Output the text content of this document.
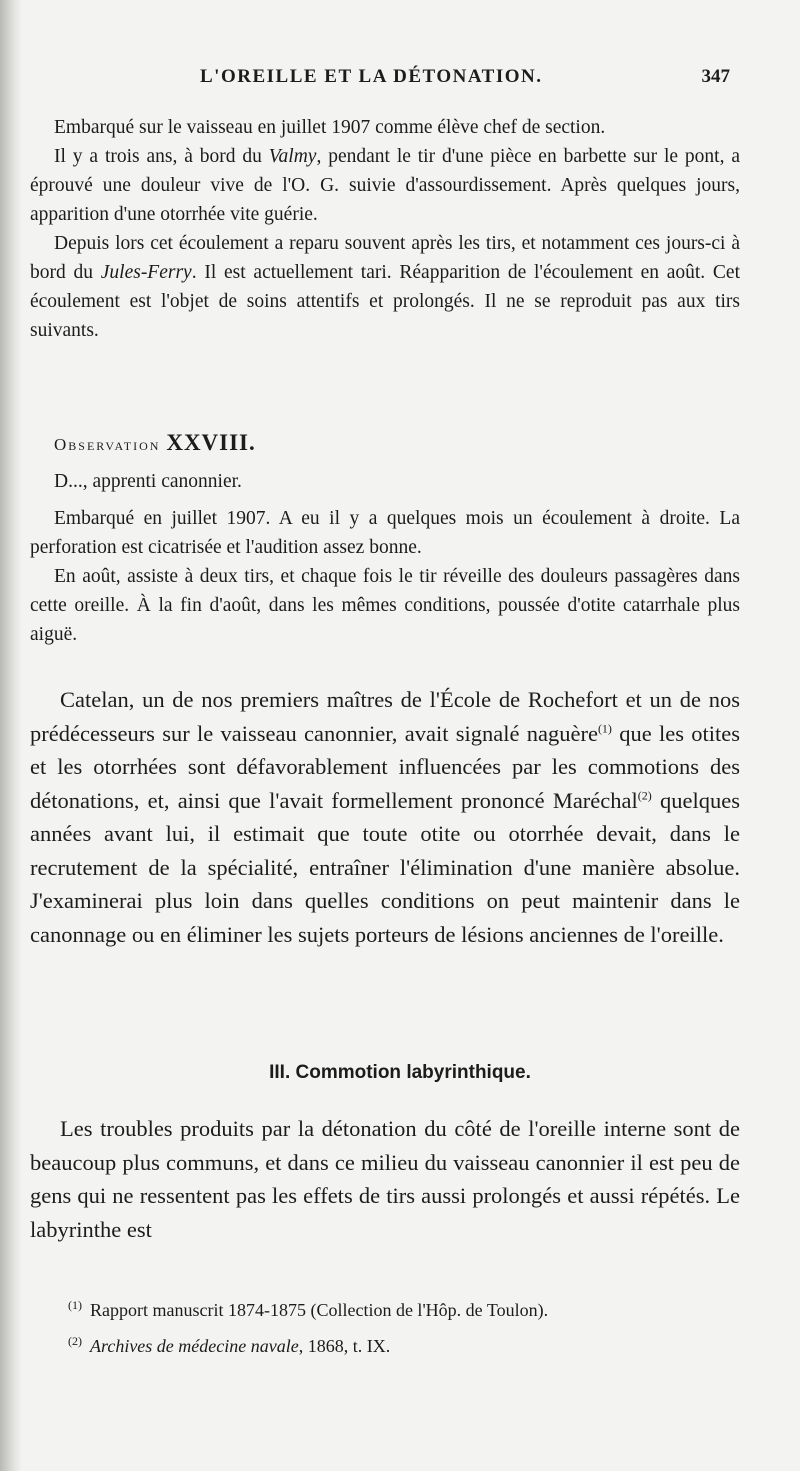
L'OREILLE ET LA DÉTONATION.	347

Embarqué sur le vaisseau en juillet 1907 comme élève chef de section.

Il y a trois ans, à bord du Valmy, pendant le tir d'une pièce en barbette sur le pont, a éprouvé une douleur vive de l'O. G. suivie d'assourdissement. Après quelques jours, apparition d'une otorrhée vite guérie.

Depuis lors cet écoulement a reparu souvent après les tirs, et notamment ces jours-ci à bord du Jules-Ferry. Il est actuellement tari. Réapparition de l'écoulement en août. Cet écoulement est l'objet de soins attentifs et prolongés. Il ne se reproduit pas aux tirs suivants.

Observation XXVIII.

D..., apprenti canonnier.

Embarqué en juillet 1907. A eu il y a quelques mois un écoulement à droite. La perforation est cicatrisée et l'audition assez bonne.

En août, assiste à deux tirs, et chaque fois le tir réveille des douleurs passagères dans cette oreille. À la fin d'août, dans les mêmes conditions, poussée d'otite catarrhale plus aiguë.

Catelan, un de nos premiers maîtres de l'École de Rochefort et un de nos prédécesseurs sur le vaisseau canonnier, avait signalé naguère$^{(1)}$ que les otites et les otorrhées sont défavorablement influencées par les commotions des détonations, et, ainsi que l'avait formellement prononcé Maréchal$^{(2)}$ quelques années avant lui, il estimait que toute otite ou otorrhée devait, dans le recrutement de la spécialité, entraîner l'élimination d'une manière absolue. J'examinerai plus loin dans quelles conditions on peut maintenir dans le canonnage ou en éliminer les sujets porteurs de lésions anciennes de l'oreille.

III. Commotion labyrinthique.

Les troubles produits par la détonation du côté de l'oreille interne sont de beaucoup plus communs, et dans ce milieu du vaisseau canonnier il est peu de gens qui ne ressentent pas les effets de tirs aussi prolongés et aussi répétés. Le labyrinthe est

$^{(1)}$ Rapport manuscrit 1874-1875 (Collection de l'Hôp. de Toulon).

$^{(2)}$ Archives de médecine navale, 1868, t. IX.
